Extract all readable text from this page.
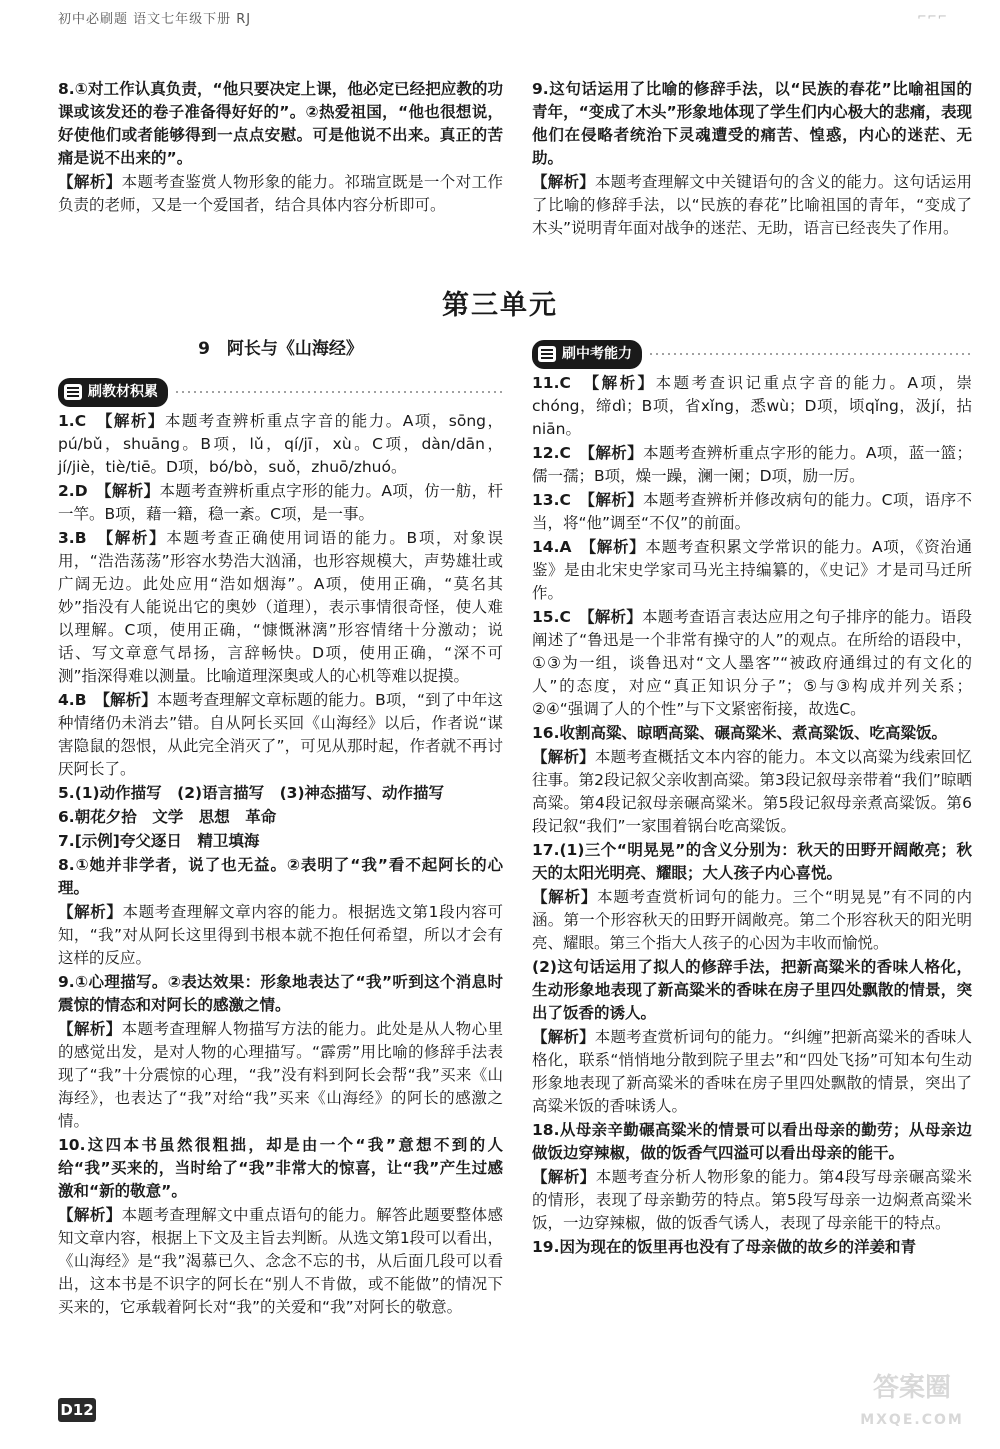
初中必刷题 语文七年级下册 RJ	⌐⌐⌐
8.①对工作认真负责，“他只要决定上课，他必定已经把应教的功课或该发还的卷子准备得好好的”。②热爱祖国，“他也很想说，好使他们或者能够得到一点点安慰。可是他说不出来。真正的苦痛是说不出来的”。
【解析】本题考查鉴赏人物形象的能力。祁瑞宣既是一个对工作负责的老师，又是一个爱国者，结合具体内容分析即可。
9.这句话运用了比喻的修辞手法，以“民族的春花”比喻祖国的青年，“变成了木头”形象地体现了学生们内心极大的悲痛，表现他们在侵略者统治下灵魂遭受的痛苦、惶惑，内心的迷茫、无助。
【解析】本题考查理解文中关键语句的含义的能力。这句话运用了比喻的修辞手法，以“民族的春花”比喻祖国的青年，“变成了木头”说明青年面对战争的迷茫、无助，语言已经丧失了作用。
第三单元
9　阿长与《山海经》
刷教材积累
1.C　 【解析】本题考查辨析重点字音的能力。A项，sōng，pú/bǔ，shuāng。B项，lǔ，qí/jī，xù。C项，dàn/dān，jí/jiè，tiè/tiē。D项，bó/bò，suǒ，zhuō/zhuó。
2.D　 【解析】本题考查辨析重点字形的能力。A项，仿一舫，杆一竿。B项，藉一籍，稳一紊。C项，是一事。
3.B　 【解析】本题考查正确使用词语的能力。B项，对象误用，“浩浩荡荡”形容水势浩大汹涌，也形容规模大，声势雄壮或广阔无边。此处应用“浩如烟海”。A项，使用正确，“莫名其妙”指没有人能说出它的奥妙（道理），表示事情很奇怪，使人难以理解。C项，使用正确，“慷慨淋漓”形容情绪十分激动；说话、写文章意气昂扬，言辞畅快。D项，使用正确，“深不可测”指深得难以测量。比喻道理深奥或人的心机等难以捉摸。
4.B　 【解析】本题考查理解文章标题的能力。B项，“到了中年这种情绪仍未消去”错。自从阿长买回《山海经》以后，作者说“谋害隐鼠的怨恨，从此完全消灭了”，可见从那时起，作者就不再讨厌阿长了。
5.(1)动作描写　(2)语言描写　(3)神态描写、动作描写
6.朝花夕拾　文学　思想　革命
7.[示例]夸父逐日　精卫填海
8.①她并非学者，说了也无益。②表明了“我”看不起阿长的心理。
【解析】本题考查理解文章内容的能力。根据选文第1段内容可知，“我”对从阿长这里得到书根本就不抱任何希望，所以才会有这样的反应。
9.①心理描写。②表达效果：形象地表达了“我”听到这个消息时震惊的情态和对阿长的感激之情。
【解析】本题考查理解人物描写方法的能力。此处是从人物心里的感觉出发，是对人物的心理描写。“霹雳”用比喻的修辞手法表现了“我”十分震惊的心理，“我”没有料到阿长会帮“我”买来《山海经》，也表达了“我”对给“我”买来《山海经》的阿长的感激之情。
10.这四本书虽然很粗拙，却是由一个“我”意想不到的人给“我”买来的，当时给了“我”非常大的惊喜，让“我”产生过感激和“新的敬意”。
【解析】本题考查理解文中重点语句的能力。解答此题要整体感知文章内容，根据上下文及主旨去判断。从选文第1段可以看出，《山海经》是“我”渴慕已久、念念不忘的书，从后面几段可以看出，这本书是不识字的阿长在“别人不肯做，或不能做”的情况下买来的，它承载着阿长对“我”的关爱和“我”对阿长的敬意。
刷中考能力
11.C　 【解析】本题考查识记重点字音的能力。A项，崇chóng，缔dì；B项，省xǐng，悉wù；D项，顷qǐng，汲jí，拈niān。
12.C　 【解析】本题考查辨析重点字形的能力。A项，蓝一篮；儒一孺；B项，燥一躁，澜一阑；D项，励一厉。
13.C　 【解析】本题考查辨析并修改病句的能力。C项，语序不当，将“他”调至“不仅”的前面。
14.A　 【解析】本题考查积累文学常识的能力。A项，《资治通鉴》是由北宋史学家司马光主持编纂的，《史记》才是司马迁所作。
15.C　 【解析】本题考查语言表达应用之句子排序的能力。语段阐述了“鲁迅是一个非常有操守的人”的观点。在所给的语段中，①③为一组，谈鲁迅对“文人墨客”“被政府通缉过的有文化的人”的态度，对应“真正知识分子”；⑤与③构成并列关系；②④“强调了人的个性”与下文紧密衔接，故选C。
16.收割高粱、晾晒高粱、碾高粱米、煮高粱饭、吃高粱饭。
【解析】本题考查概括文本内容的能力。本文以高粱为线索回忆往事。第2段记叙父亲收割高粱。第3段记叙母亲带着“我们”晾晒高粱。第4段记叙母亲碾高粱米。第5段记叙母亲煮高粱饭。第6段记叙“我们”一家围着锅台吃高粱饭。
17.(1)三个“明晃晃”的含义分别为：秋天的田野开阔敞亮；秋天的太阳光明亮、耀眼；大人孩子内心喜悦。
【解析】本题考查赏析词句的能力。三个“明晃晃”有不同的内涵。第一个形容秋天的田野开阔敞亮。第二个形容秋天的阳光明亮、耀眼。第三个指大人孩子的心因为丰收而愉悦。
(2)这句话运用了拟人的修辞手法，把新高粱米的香味人格化，生动形象地表现了新高粱米的香味在房子里四处飘散的情景，突出了饭香的诱人。
【解析】本题考查赏析词句的能力。“纠缠”把新高粱米的香味人格化，联系“悄悄地分散到院子里去”和“四处飞扬”可知本句生动形象地表现了新高粱米的香味在房子里四处飘散的情景，突出了高粱米饭的香味诱人。
18.从母亲辛勤碾高粱米的情景可以看出母亲的勤劳；从母亲边做饭边穿辣椒，做的饭香气四溢可以看出母亲的能干。
【解析】本题考查分析人物形象的能力。第4段写母亲碾高粱米的情形，表现了母亲勤劳的特点。第5段写母亲一边焖煮高粱米饭，一边穿辣椒，做的饭香气诱人，表现了母亲能干的特点。
19.因为现在的饭里再也没有了母亲做的故乡的洋姜和青
D12
答案圈
MXQE.COM
